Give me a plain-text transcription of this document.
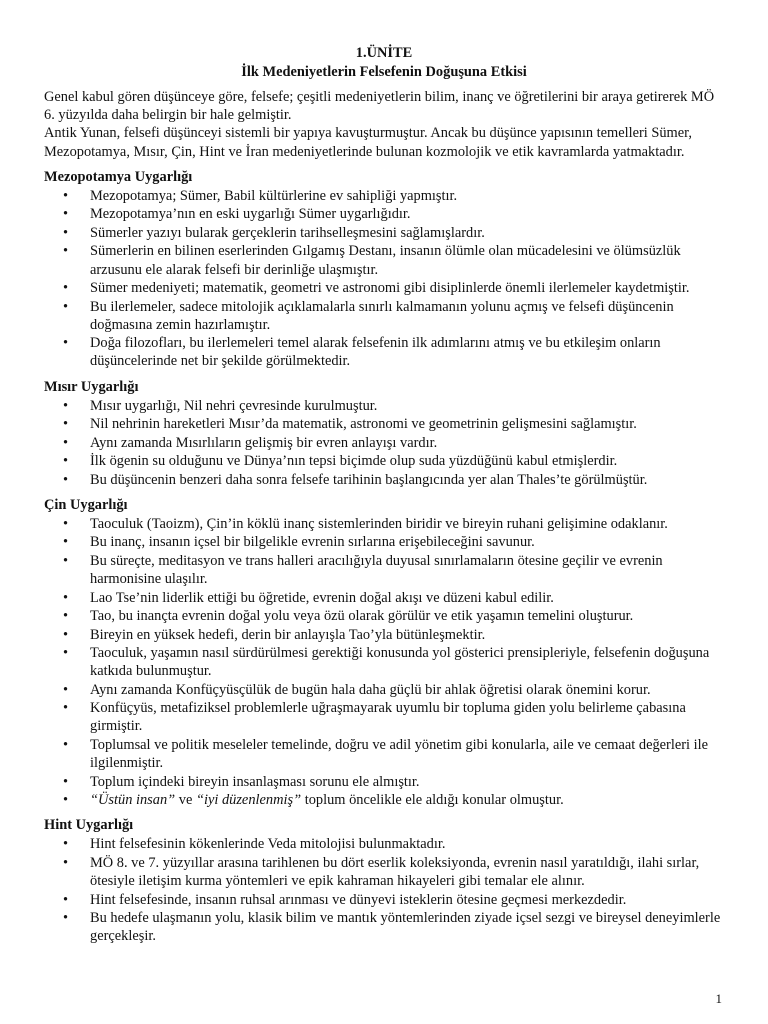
1.ÜNİTE
İlk Medeniyetlerin Felsefenin Doğuşuna Etkisi

Genel kabul gören düşünceye göre, felsefe; çeşitli medeniyetlerin bilim, inanç ve öğretilerini bir araya getirerek MÖ 6. yüzyılda daha belirgin bir hale gelmiştir.

Antik Yunan, felsefi düşünceyi sistemli bir yapıya kavuşturmuştur. Ancak bu düşünce yapısının temelleri Sümer, Mezopotamya, Mısır, Çin, Hint ve İran medeniyetlerinde bulunan kozmolojik ve etik kavramlarda yatmaktadır.

Mezopotamya Uygarlığı
• Mezopotamya; Sümer, Babil kültürlerine ev sahipliği yapmıştır.
• Mezopotamya’nın en eski uygarlığı Sümer uygarlığıdır.
• Sümerler yazıyı bularak gerçeklerin tarihselleşmesini sağlamışlardır.
• Sümerlerin en bilinen eserlerinden Gılgamış Destanı, insanın ölümle olan mücadelesini ve ölümsüzlük arzusunu ele alarak felsefi bir derinliğe ulaşmıştır.
• Sümer medeniyeti; matematik, geometri ve astronomi gibi disiplinlerde önemli ilerlemeler kaydetmiştir.
• Bu ilerlemeler, sadece mitolojik açıklamalarla sınırlı kalmamanın yolunu açmış ve felsefi düşüncenin doğmasına zemin hazırlamıştır.
• Doğa filozofları, bu ilerlemeleri temel alarak felsefenin ilk adımlarını atmış ve bu etkileşim onların düşüncelerinde net bir şekilde görülmektedir.
Mısır Uygarlığı
• Mısır uygarlığı, Nil nehri çevresinde kurulmuştur.
• Nil nehrinin hareketleri Mısır’da matematik, astronomi ve geometrinin gelişmesini sağlamıştır.
• Aynı zamanda Mısırlıların gelişmiş bir evren anlayışı vardır.
• İlk ögenin su olduğunu ve Dünya’nın tepsi biçimde olup suda yüzdüğünü kabul etmişlerdir.
• Bu düşüncenin benzeri daha sonra felsefe tarihinin başlangıcında yer alan Thales’te görülmüştür.
Çin Uygarlığı
• Taoculuk (Taoizm), Çin’in köklü inanç sistemlerinden biridir ve bireyin ruhani gelişimine odaklanır.
• Bu inanç, insanın içsel bir bilgelikle evrenin sırlarına erişebileceğini savunur.
• Bu süreçte, meditasyon ve trans halleri aracılığıyla duyusal sınırlamaların ötesine geçilir ve evrenin harmonisine ulaşılır.
• Lao Tse’nin liderlik ettiği bu öğretide, evrenin doğal akışı ve düzeni kabul edilir.
• Tao, bu inançta evrenin doğal yolu veya özü olarak görülür ve etik yaşamın temelini oluşturur.
• Bireyin en yüksek hedefi, derin bir anlayışla Tao’yla bütünleşmektir.
• Taoculuk, yaşamın nasıl sürdürülmesi gerektiği konusunda yol gösterici prensipleriyle, felsefenin doğuşuna katkıda bulunmuştur.
• Aynı zamanda Konfüçyüsçülük de bugün hala daha güçlü bir ahlak öğretisi olarak önemini korur.
• Konfüçyüs, metafiziksel problemlerle uğraşmayarak uyumlu bir topluma giden yolu belirleme çabasına girmiştir.
• Toplumsal ve politik meseleler temelinde, doğru ve adil yönetim gibi konularla, aile ve cemaat değerleri ile ilgilenmiştir.
• Toplum içindeki bireyin insanlaşması sorunu ele almıştır.
• “Üstün insan” ve “iyi düzenlenmiş” toplum öncelikle ele aldığı konular olmuştur.
Hint Uygarlığı
• Hint felsefesinin kökenlerinde Veda mitolojisi bulunmaktadır.
• MÖ 8. ve 7. yüzyıllar arasına tarihlenen bu dört eserlik koleksiyonda, evrenin nasıl yaratıldığı, ilahi sırlar, ötesiyle iletişim kurma yöntemleri ve epik kahraman hikayeleri gibi temalar ele alınır.
• Hint felsefesinde, insanın ruhsal arınması ve dünyevi isteklerin ötesine geçmesi merkezdedir.
• Bu hedefe ulaşmanın yolu, klasik bilim ve mantık yöntemlerinden ziyade içsel sezgi ve bireysel deneyimlerle gerçekleşir.
1
